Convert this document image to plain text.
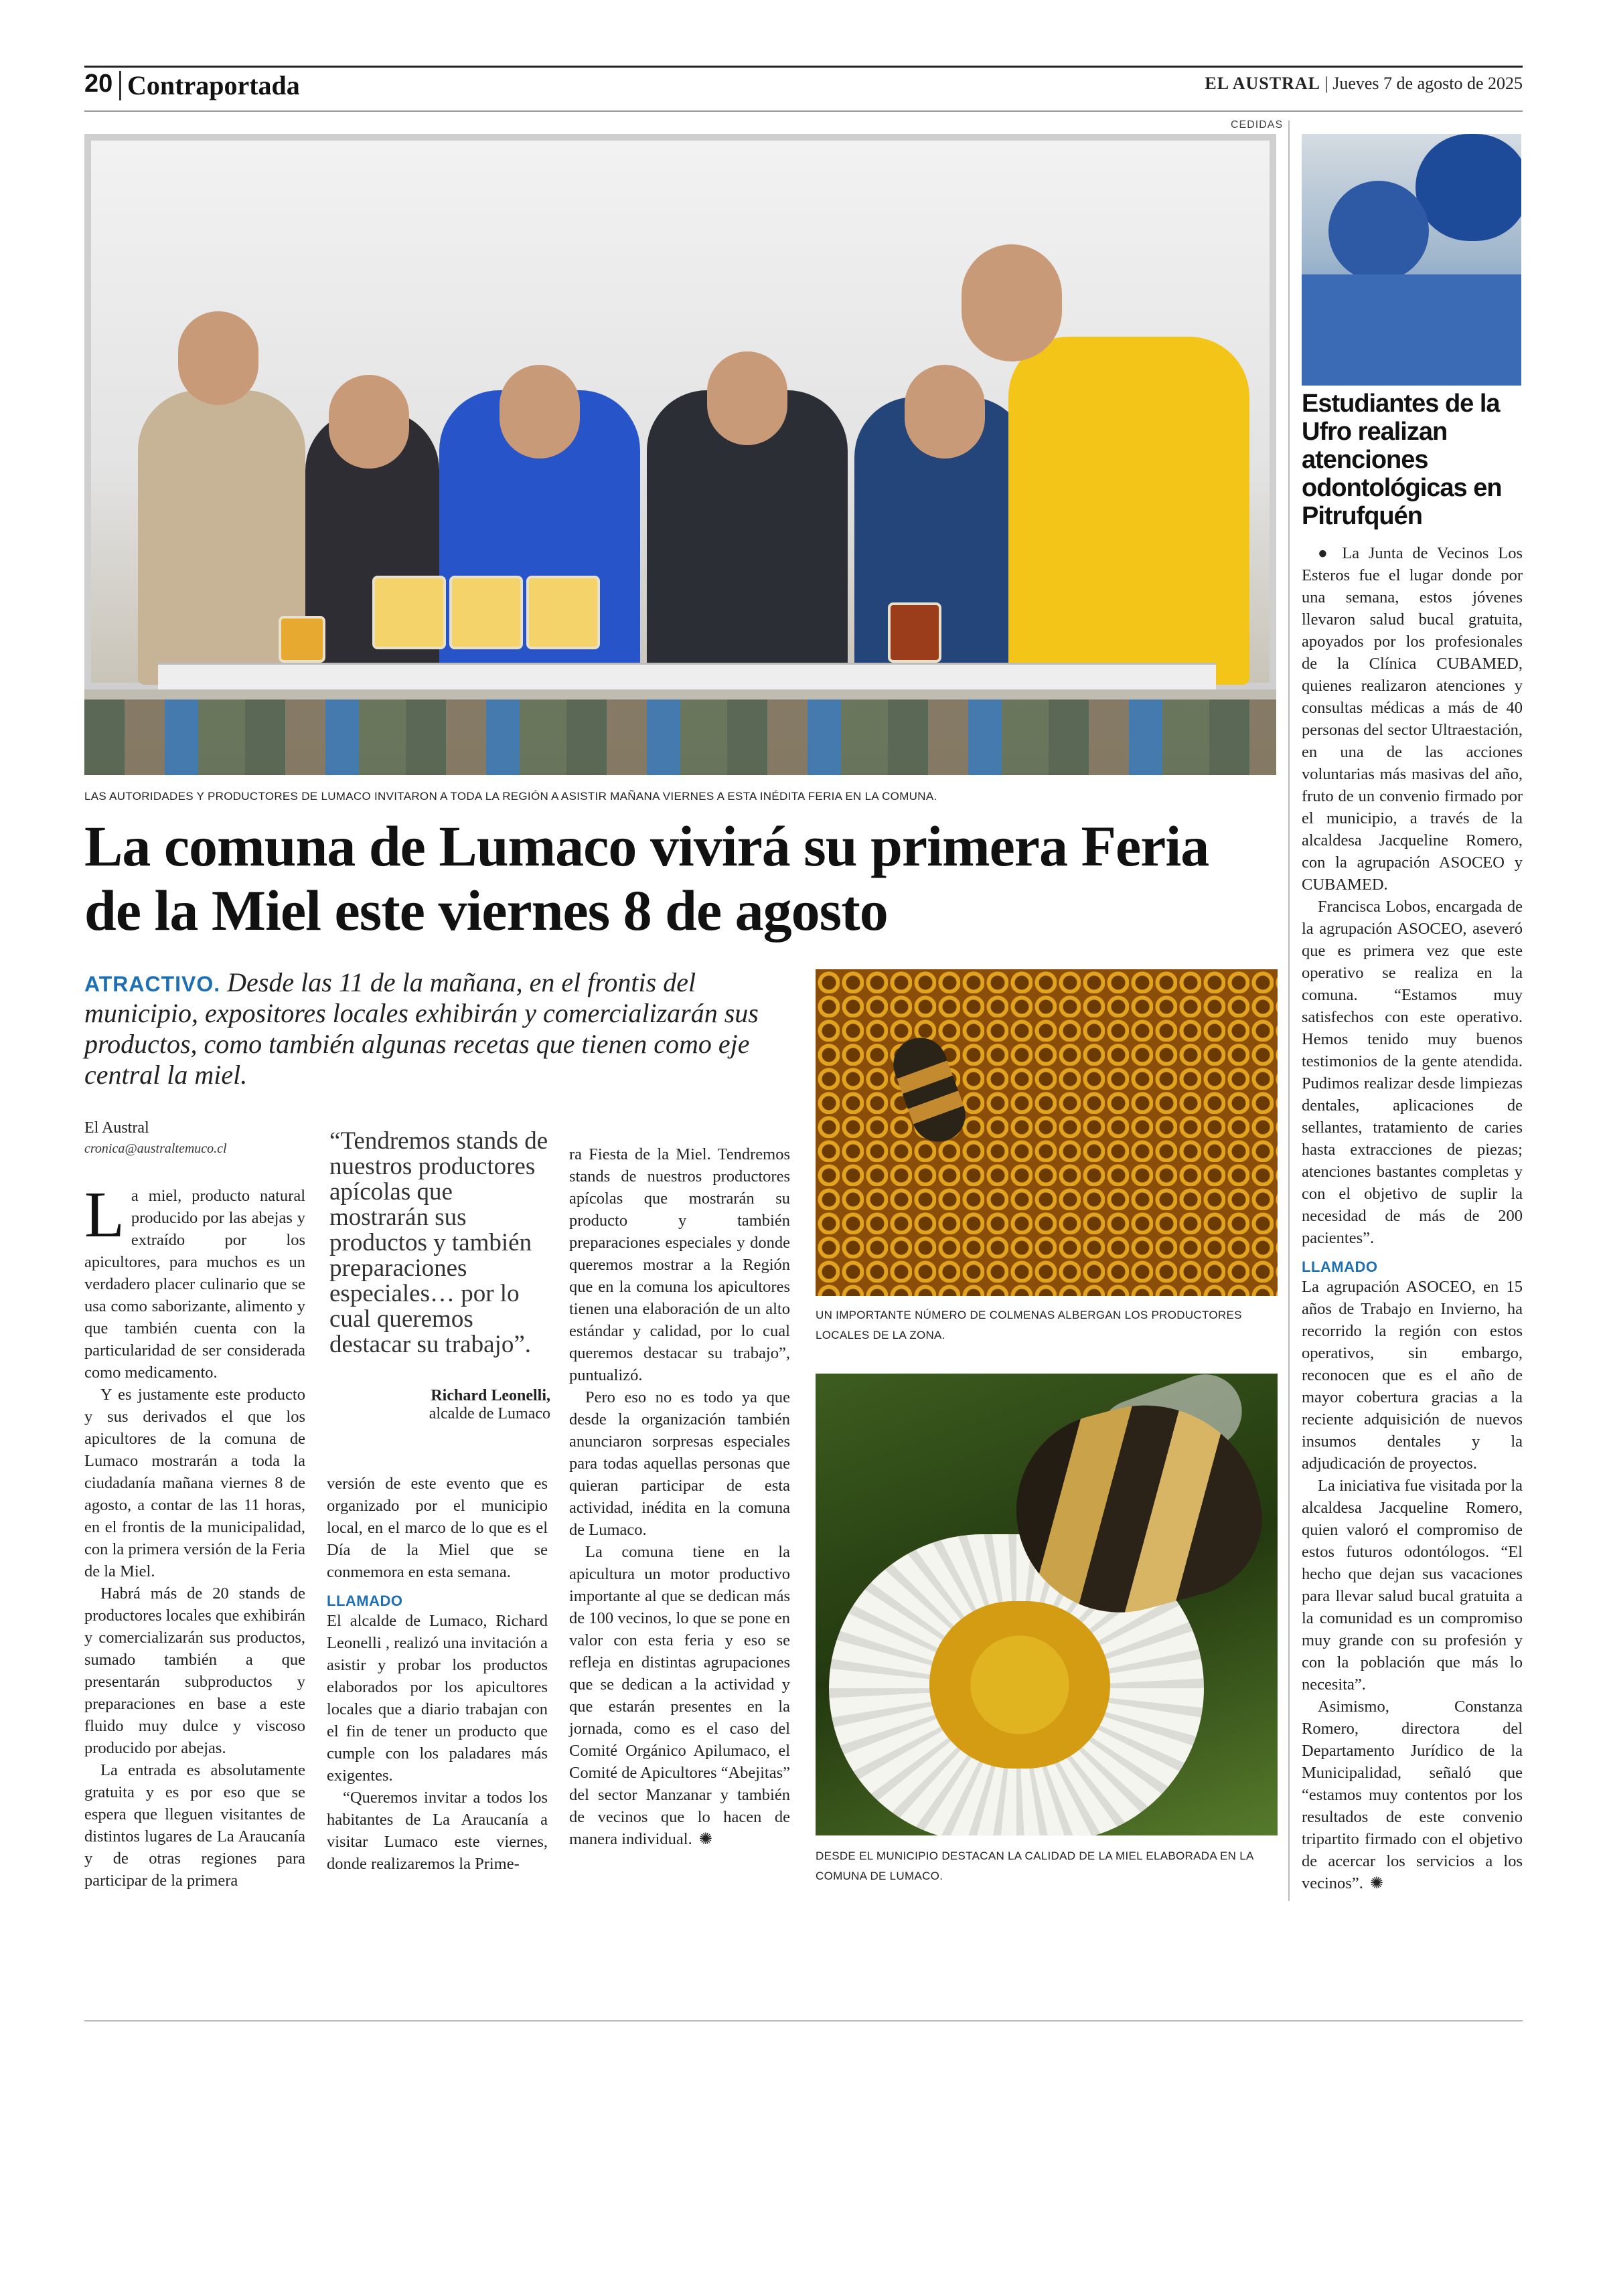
20 Contraportada	EL AUSTRAL | Jueves 7 de agosto de 2025
CEDIDAS
LAS AUTORIDADES Y PRODUCTORES DE LUMACO INVITARON A TODA LA REGIÓN A ASISTIR MAÑANA VIERNES A ESTA INÉDITA FERIA EN LA COMUNA.
La comuna de Lumaco vivirá su primera Feria de la Miel este viernes 8 de agosto
ATRACTIVO. Desde las 11 de la mañana, en el frontis del municipio, expositores locales exhibirán y comercializarán sus productos, como también algunas recetas que tienen como eje central la miel.
El Austral
cronica@australtemuco.cl

La miel, producto natural producido por las abejas y extraído por los apicultores, para muchos es un verdadero placer culinario que se usa como saborizante, alimento y que también cuenta con la particularidad de ser considerada como medicamento.

Y es justamente este producto y sus derivados el que los apicultores de la comuna de Lumaco mostrarán a toda la ciudadanía mañana viernes 8 de agosto, a contar de las 11 horas, en el frontis de la municipalidad, con la primera versión de la Feria de la Miel.

Habrá más de 20 stands de productores locales que exhibirán y comercializarán sus productos, sumado también a que presentarán subproductos y preparaciones en base a este fluido muy dulce y viscoso producido por abejas.

La entrada es absolutamente gratuita y es por eso que se espera que lleguen visitantes de distintos lugares de La Araucanía y de otras regiones para participar de la primera

“Tendremos stands de nuestros productores apícolas que mostrarán sus productos y también preparaciones especiales… por lo cual queremos destacar su trabajo”.
Richard Leonelli,
alcalde de Lumaco

versión de este evento que es organizado por el municipio local, en el marco de lo que es el Día de la Miel que se conmemora en esta semana.

LLAMADO

El alcalde de Lumaco, Richard Leonelli , realizó una invitación a asistir y probar los productos elaborados por los apicultores locales que a diario trabajan con el fin de tener un producto que cumple con los paladares más exigentes.

“Queremos invitar a todos los habitantes de La Araucanía a visitar Lumaco este viernes, donde realizaremos la Prime-

ra Fiesta de la Miel. Tendremos stands de nuestros productores apícolas que mostrarán su producto y también preparaciones especiales y donde queremos mostrar a la Región que en la comuna los apicultores tienen una elaboración de un alto estándar y calidad, por lo cual queremos destacar su trabajo”, puntualizó.

Pero eso no es todo ya que desde la organización también anunciaron sorpresas especiales para todas aquellas personas que quieran participar de esta actividad, inédita en la comuna de Lumaco.

La comuna tiene en la apicultura un motor productivo importante al que se dedican más de 100 vecinos, lo que se pone en valor con esta feria y eso se refleja en distintas agrupaciones que se dedican a la actividad y que estarán presentes en la jornada, como es el caso del Comité Orgánico Apilumaco, el Comité de Apicultores “Abejitas” del sector Manzanar y también de vecinos que lo hacen de manera individual. ✺

UN IMPORTANTE NÚMERO DE COLMENAS ALBERGAN LOS PRODUCTORES LOCALES DE LA ZONA.
DESDE EL MUNICIPIO DESTACAN LA CALIDAD DE LA MIEL ELABORADA EN LA COMUNA DE LUMACO.
Estudiantes de la Ufro realizan atenciones odontológicas en Pitrufquén

● La Junta de Vecinos Los Esteros fue el lugar donde por una semana, estos jóvenes llevaron salud bucal gratuita, apoyados por los profesionales de la Clínica CUBAMED, quienes realizaron atenciones y consultas médicas a más de 40 personas del sector Ultraestación, en una de las acciones voluntarias más masivas del año, fruto de un convenio firmado por el municipio, a través de la alcaldesa Jacqueline Romero, con la agrupación ASOCEO y CUBAMED.

Francisca Lobos, encargada de la agrupación ASOCEO, aseveró que es primera vez que este operativo se realiza en la comuna. “Estamos muy satisfechos con este operativo. Hemos tenido muy buenos testimonios de la gente atendida. Pudimos realizar desde limpiezas dentales, aplicaciones de sellantes, tratamiento de caries hasta extracciones de piezas; atenciones bastantes completas y con el objetivo de suplir la necesidad de más de 200 pacientes”.

LLAMADO

La agrupación ASOCEO, en 15 años de Trabajo en Invierno, ha recorrido la región con estos operativos, sin embargo, reconocen que es el año de mayor cobertura gracias a la reciente adquisición de nuevos insumos dentales y la adjudicación de proyectos.

La iniciativa fue visitada por la alcaldesa Jacqueline Romero, quien valoró el compromiso de estos futuros odontólogos. “El hecho que dejan sus vacaciones para llevar salud bucal gratuita a la comunidad es un compromiso muy grande con su profesión y con la población que más lo necesita”.

Asimismo, Constanza Romero, directora del Departamento Jurídico de la Municipalidad, señaló que “estamos muy contentos por los resultados de este convenio tripartito firmado con el objetivo de acercar los servicios a los vecinos”. ✺
